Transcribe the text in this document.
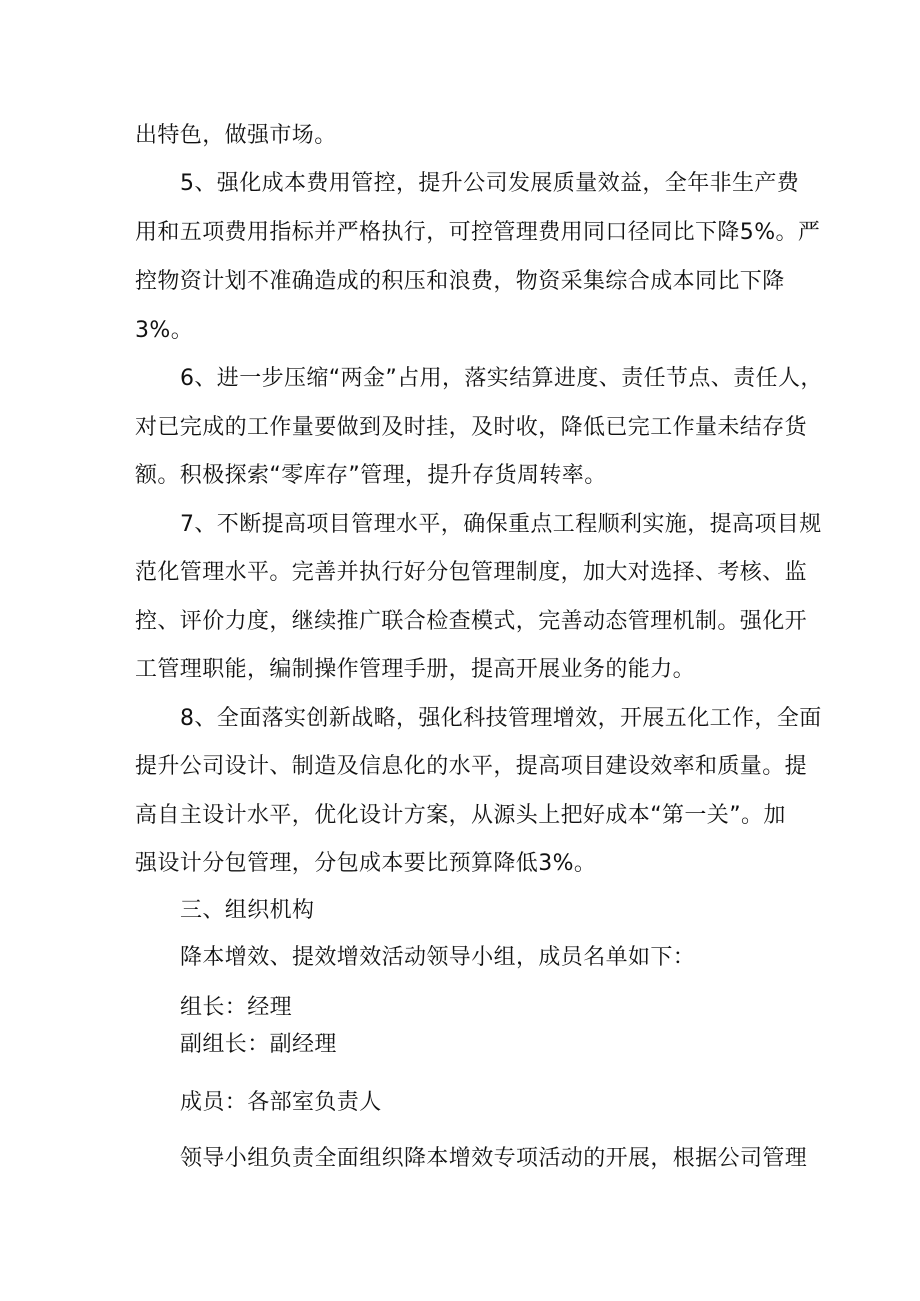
出特色，做强市场。
5、强化成本费用管控，提升公司发展质量效益，全年非生产费
用和五项费用指标并严格执行，可控管理费用同口径同比下降5%。严
控物资计划不准确造成的积压和浪费，物资采集综合成本同比下降
3%。
6、进一步压缩“两金”占用，落实结算进度、责任节点、责任人，
对已完成的工作量要做到及时挂，及时收，降低已完工作量未结存货
额。积极探索“零库存”管理，提升存货周转率。
7、不断提高项目管理水平，确保重点工程顺利实施，提高项目规
范化管理水平。完善并执行好分包管理制度，加大对选择、考核、监
控、评价力度，继续推广联合检查模式，完善动态管理机制。强化开
工管理职能，编制操作管理手册，提高开展业务的能力。
8、全面落实创新战略，强化科技管理增效，开展五化工作，全面
提升公司设计、制造及信息化的水平，提高项目建设效率和质量。提
高自主设计水平，优化设计方案，从源头上把好成本“第一关”。加
强设计分包管理，分包成本要比预算降低3%。
三、组织机构
降本增效、提效增效活动领导小组，成员名单如下：
组长：经理
副组长：副经理
成员：各部室负责人
领导小组负责全面组织降本增效专项活动的开展，根据公司管理
